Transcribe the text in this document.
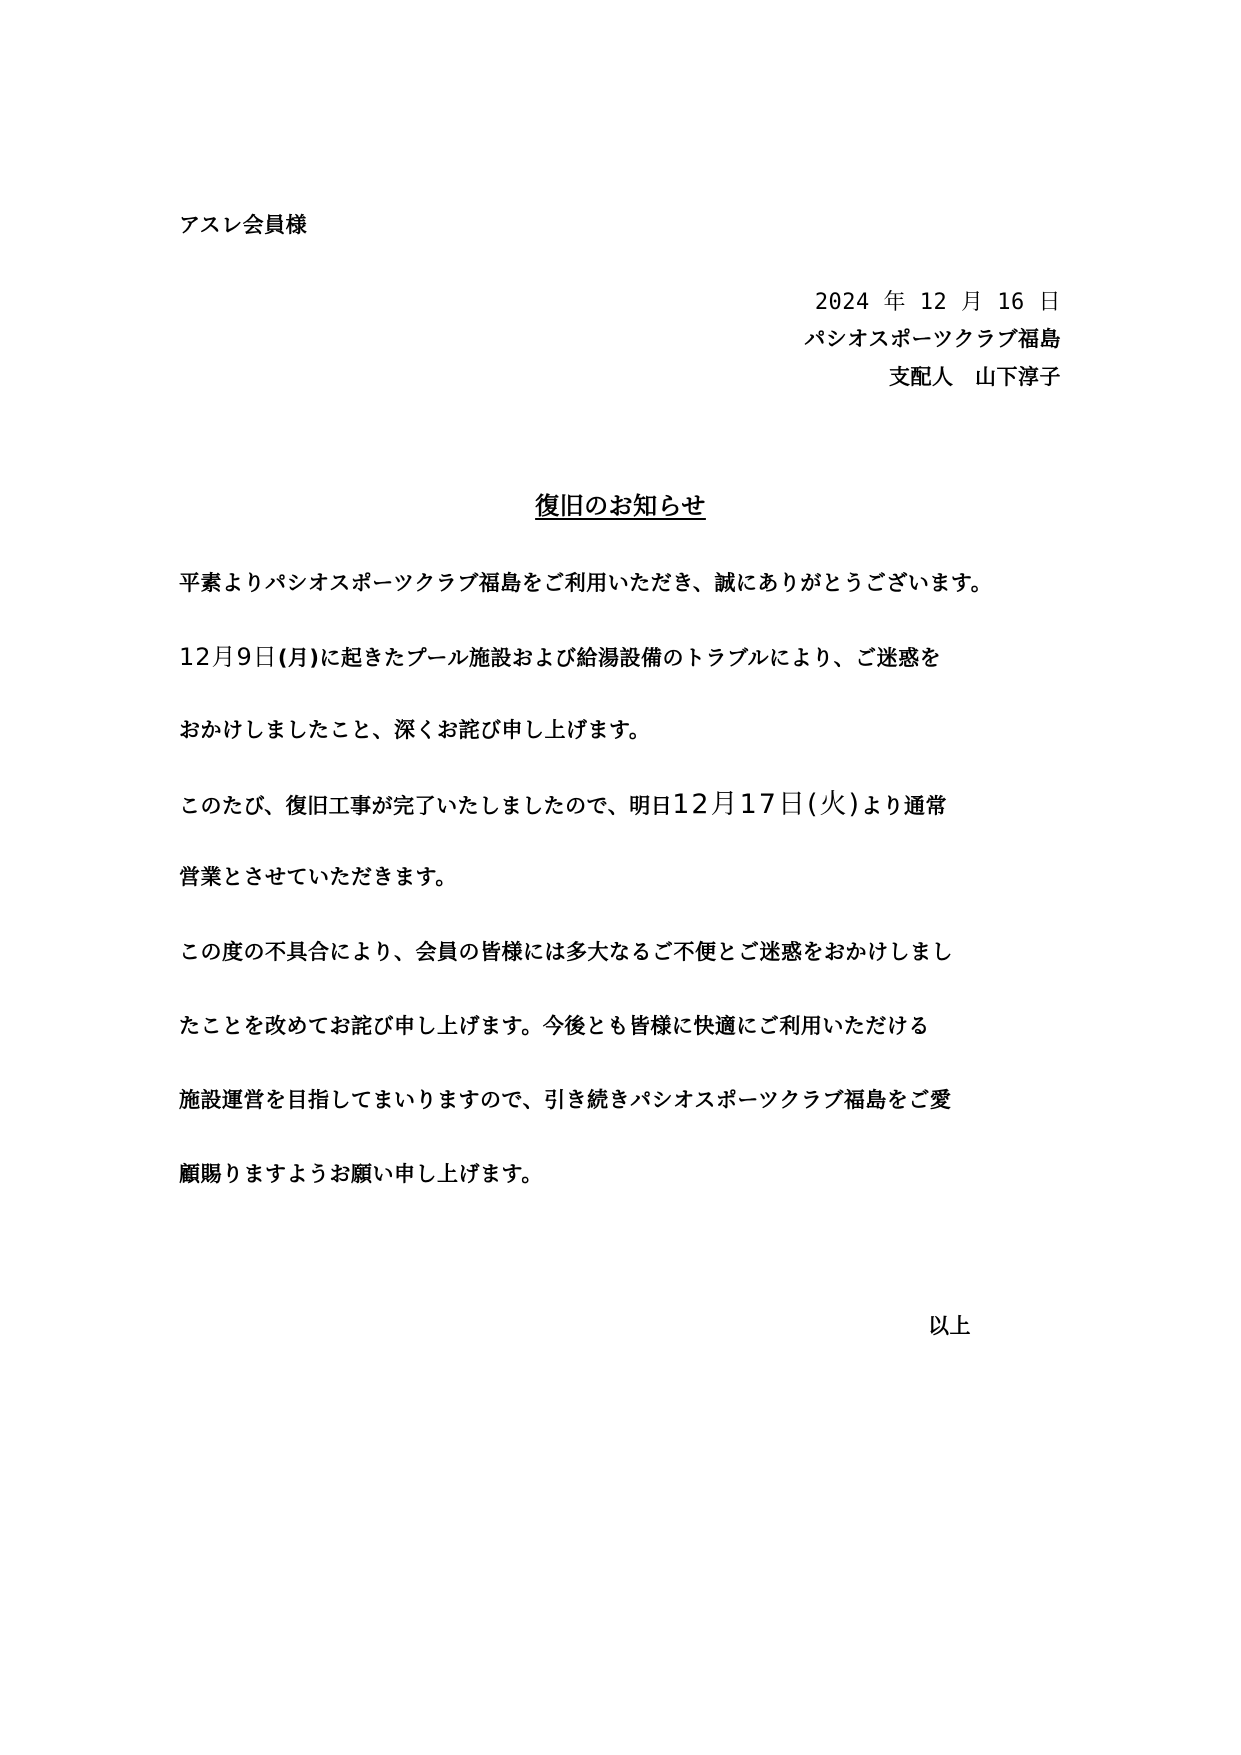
アスレ会員様
2024 年 12 月 16 日
パシオスポーツクラブ福島
支配人　山下淳子
復旧のお知らせ
平素よりパシオスポーツクラブ福島をご利用いただき、誠にありがとうございます。
12月9日(月)に起きたプール施設および給湯設備のトラブルにより、ご迷惑を
おかけしましたこと、深くお詫び申し上げます。
このたび、復旧工事が完了いたしましたので、明日12月17日(火)より通常
営業とさせていただきます。
この度の不具合により、会員の皆様には多大なるご不便とご迷惑をおかけしまし
たことを改めてお詫び申し上げます。今後とも皆様に快適にご利用いただける
施設運営を目指してまいりますので、引き続きパシオスポーツクラブ福島をご愛
顧賜りますようお願い申し上げます。
以上
